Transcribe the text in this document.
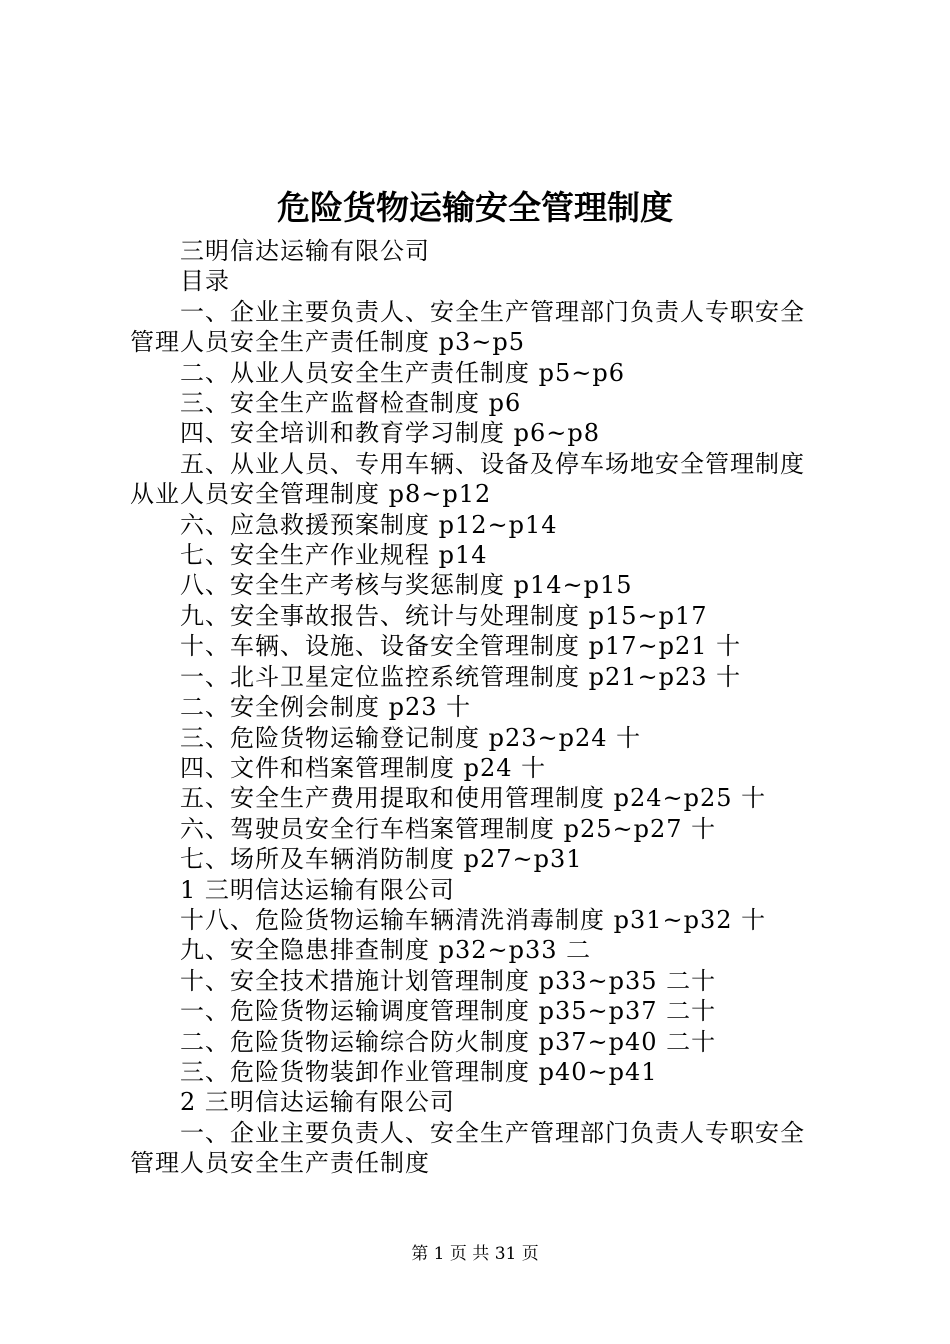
危险货物运输安全管理制度
三明信达运输有限公司
目录
一、企业主要负责人、安全生产管理部门负责人专职安全
管理人员安全生产责任制度 p3~p5
二、从业人员安全生产责任制度 p5~p6
三、安全生产监督检查制度 p6
四、安全培训和教育学习制度 p6~p8
五、从业人员、专用车辆、设备及停车场地安全管理制度
从业人员安全管理制度 p8~p12
六、应急救援预案制度 p12~p14
七、安全生产作业规程 p14
八、安全生产考核与奖惩制度 p14~p15
九、安全事故报告、统计与处理制度 p15~p17
十、车辆、设施、设备安全管理制度 p17~p21 十
一、北斗卫星定位监控系统管理制度 p21~p23 十
二、安全例会制度 p23 十
三、危险货物运输登记制度 p23~p24 十
四、文件和档案管理制度 p24 十
五、安全生产费用提取和使用管理制度 p24~p25 十
六、驾驶员安全行车档案管理制度 p25~p27 十
七、场所及车辆消防制度 p27~p31
1 三明信达运输有限公司
十八、危险货物运输车辆清洗消毒制度 p31~p32 十
九、安全隐患排查制度 p32~p33 二
十、安全技术措施计划管理制度 p33~p35 二十
一、危险货物运输调度管理制度 p35~p37 二十
二、危险货物运输综合防火制度 p37~p40 二十
三、危险货物装卸作业管理制度 p40~p41
2 三明信达运输有限公司
一、企业主要负责人、安全生产管理部门负责人专职安全
管理人员安全生产责任制度
第 1 页 共 31 页
